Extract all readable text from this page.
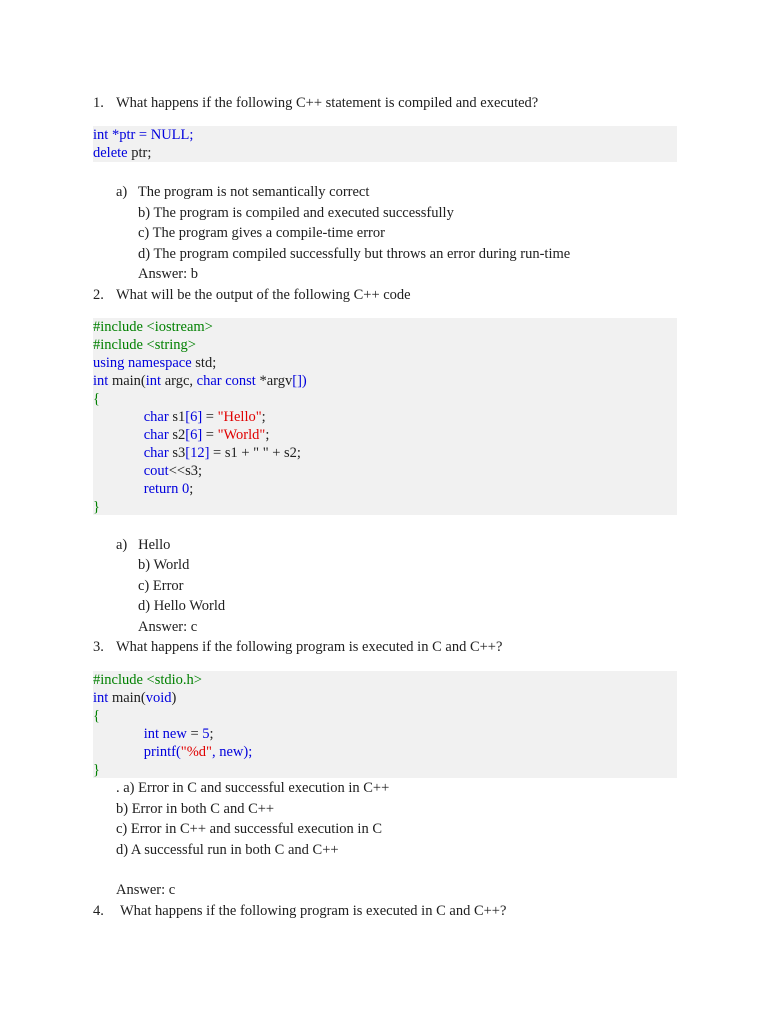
1. What happens if the following C++ statement is compiled and executed?
int *ptr = NULL;
delete ptr;
a)   The program is not semantically correct
b) The program is compiled and executed successfully
c) The program gives a compile-time error
d) The program compiled successfully but throws an error during run-time
Answer: b
2. What will be the output of the following C++ code
#include <iostream>
#include <string>
using namespace std;
int main(int argc, char const *argv[])
{
char s1[6] = "Hello";
char s2[6] = "World";
char s3[12] = s1 + " " + s2;
cout<<s3;
return 0;
}
a)   Hello
b) World
c) Error
d) Hello World
Answer: c
3. What happens if the following program is executed in C and C++?
#include <stdio.h>
int main(void)
{
int new = 5;
printf("%d", new);
}
. a) Error in C and successful execution in C++
b) Error in both C and C++
c) Error in C++ and successful execution in C
d) A successful run in both C and C++
Answer: c
4. What happens if the following program is executed in C and C++?
